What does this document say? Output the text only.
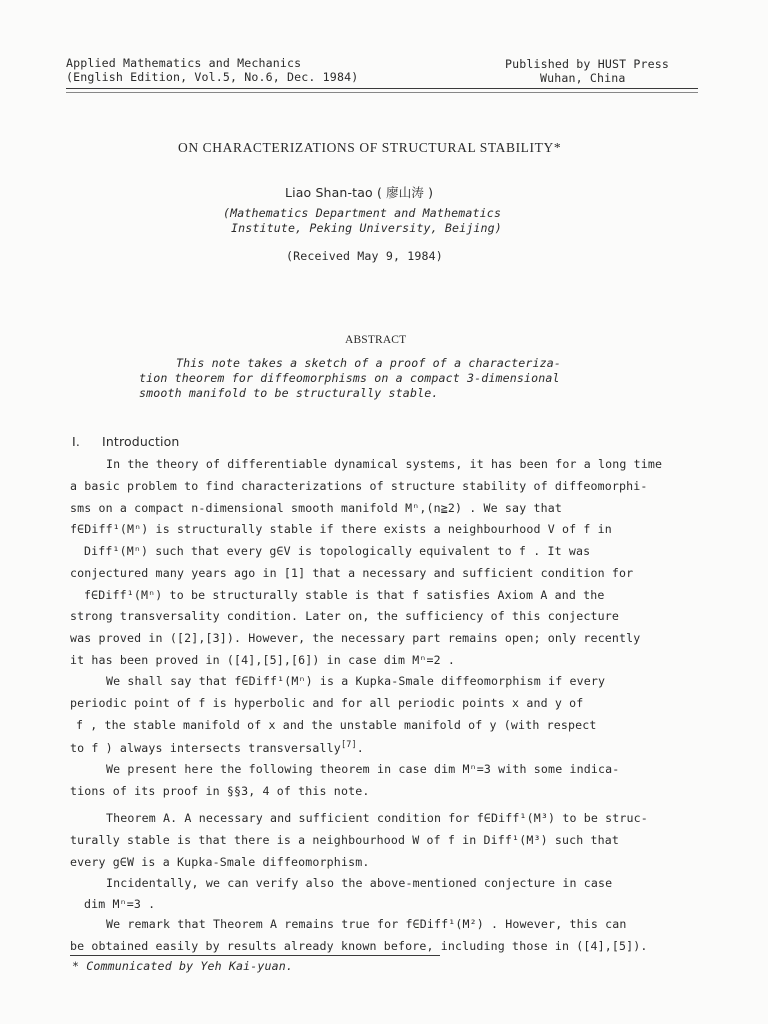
Applied Mathematics and Mechanics
(English Edition, Vol.5, No.6, Dec. 1984)
Published by HUST Press
Wuhan, China
ON CHARACTERIZATIONS OF STRUCTURAL STABILITY*
Liao Shan-tao ( 廖山涛 )
(Mathematics Department and Mathematics
Institute, Peking University, Beijing)
(Received May 9, 1984)
ABSTRACT
This note takes a sketch of a proof of a characteriza-
tion theorem for diffeomorphisms on a compact 3-dimensional
smooth manifold to be structurally stable.
I. Introduction
In the theory of differentiable dynamical systems, it has been for a long time
a basic problem to find characterizations of structure stability of diffeomorphi-
sms on a compact n-dimensional smooth manifold Mⁿ,(n≧2) . We say that
f∈Diff¹(Mⁿ) is structurally stable if there exists a neighbourhood V of f in
Diff¹(Mⁿ) such that every g∈V is topologically equivalent to f . It was
conjectured many years ago in [1] that a necessary and sufficient condition for
f∈Diff¹(Mⁿ) to be structurally stable is that f satisfies Axiom A and the
strong transversality condition. Later on, the sufficiency of this conjecture
was proved in ([2],[3]). However, the necessary part remains open; only recently
it has been proved in ([4],[5],[6]) in case dim Mⁿ=2 .
We shall say that f∈Diff¹(Mⁿ) is a Kupka-Smale diffeomorphism if every
periodic point of f is hyperbolic and for all periodic points x and y of
f , the stable manifold of x and the unstable manifold of y (with respect
to f ) always intersects transversally[7].
We present here the following theorem in case dim Mⁿ=3 with some indica-
tions of its proof in §§3, 4 of this note.
Theorem A. A necessary and sufficient condition for f∈Diff¹(M³) to be struc-
turally stable is that there is a neighbourhood W of f in Diff¹(M³) such that
every g∈W is a Kupka-Smale diffeomorphism.
Incidentally, we can verify also the above-mentioned conjecture in case
dim Mⁿ=3 .
We remark that Theorem A remains true for f∈Diff¹(M²) . However, this can
be obtained easily by results already known before, including those in ([4],[5]).
* Communicated by Yeh Kai-yuan.
